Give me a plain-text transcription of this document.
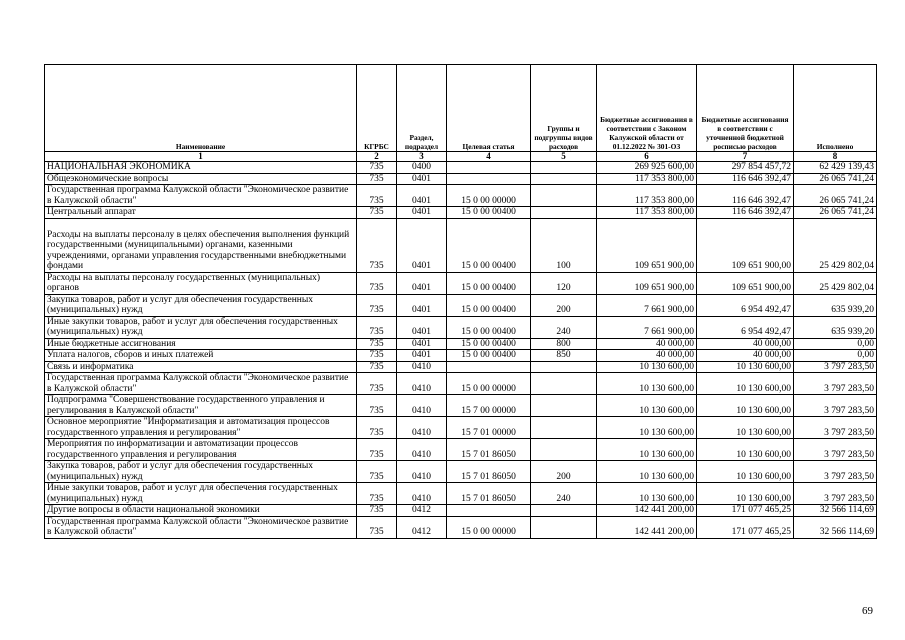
Наименование	КГРБС	Раздел, подраздел	Целевая статья	Группы и подгруппы видов расходов	Бюджетные ассигнования в соответствии с Законом Калужской области от 01.12.2022 № 301-ОЗ	Бюджетные ассигнования в соответствии с уточненной бюджетной росписью расходов	Исполнено
1	2	3	4	5	6	7	8
НАЦИОНАЛЬНАЯ ЭКОНОМИКА	735	0400			269 925 600,00	297 854 457,72	62 429 139,43
Общеэкономические вопросы	735	0401			117 353 800,00	116 646 392,47	26 065 741,24
Государственная программа Калужской области "Экономическое развитие в Калужской области"	735	0401	15 0 00 00000		117 353 800,00	116 646 392,47	26 065 741,24
Центральный аппарат	735	0401	15 0 00 00400		117 353 800,00	116 646 392,47	26 065 741,24
Расходы на выплаты персоналу в целях обеспечения выполнения функций государственными (муниципальными) органами, казенными учреждениями, органами управления государственными внебюджетными фондами	735	0401	15 0 00 00400	100	109 651 900,00	109 651 900,00	25 429 802,04
Расходы на выплаты персоналу государственных (муниципальных) органов	735	0401	15 0 00 00400	120	109 651 900,00	109 651 900,00	25 429 802,04
Закупка товаров, работ и услуг для обеспечения государственных (муниципальных) нужд	735	0401	15 0 00 00400	200	7 661 900,00	6 954 492,47	635 939,20
Иные закупки товаров, работ и услуг для обеспечения государственных (муниципальных) нужд	735	0401	15 0 00 00400	240	7 661 900,00	6 954 492,47	635 939,20
Иные бюджетные ассигнования	735	0401	15 0 00 00400	800	40 000,00	40 000,00	0,00
Уплата налогов, сборов и иных платежей	735	0401	15 0 00 00400	850	40 000,00	40 000,00	0,00
Связь и информатика	735	0410			10 130 600,00	10 130 600,00	3 797 283,50
Государственная программа Калужской области "Экономическое развитие в Калужской области"	735	0410	15 0 00 00000		10 130 600,00	10 130 600,00	3 797 283,50
Подпрограмма "Совершенствование государственного управления и регулирования в Калужской области"	735	0410	15 7 00 00000		10 130 600,00	10 130 600,00	3 797 283,50
Основное мероприятие "Информатизация и автоматизация процессов государственного управления и регулирования"	735	0410	15 7 01 00000		10 130 600,00	10 130 600,00	3 797 283,50
Мероприятия по информатизации и автоматизации процессов государственного управления и регулирования	735	0410	15 7 01 86050		10 130 600,00	10 130 600,00	3 797 283,50
Закупка товаров, работ и услуг для обеспечения государственных (муниципальных) нужд	735	0410	15 7 01 86050	200	10 130 600,00	10 130 600,00	3 797 283,50
Иные закупки товаров, работ и услуг для обеспечения государственных (муниципальных) нужд	735	0410	15 7 01 86050	240	10 130 600,00	10 130 600,00	3 797 283,50
Другие вопросы в области национальной экономики	735	0412			142 441 200,00	171 077 465,25	32 566 114,69
Государственная программа Калужской области "Экономическое развитие в Калужской области"	735	0412	15 0 00 00000		142 441 200,00	171 077 465,25	32 566 114,69
69
